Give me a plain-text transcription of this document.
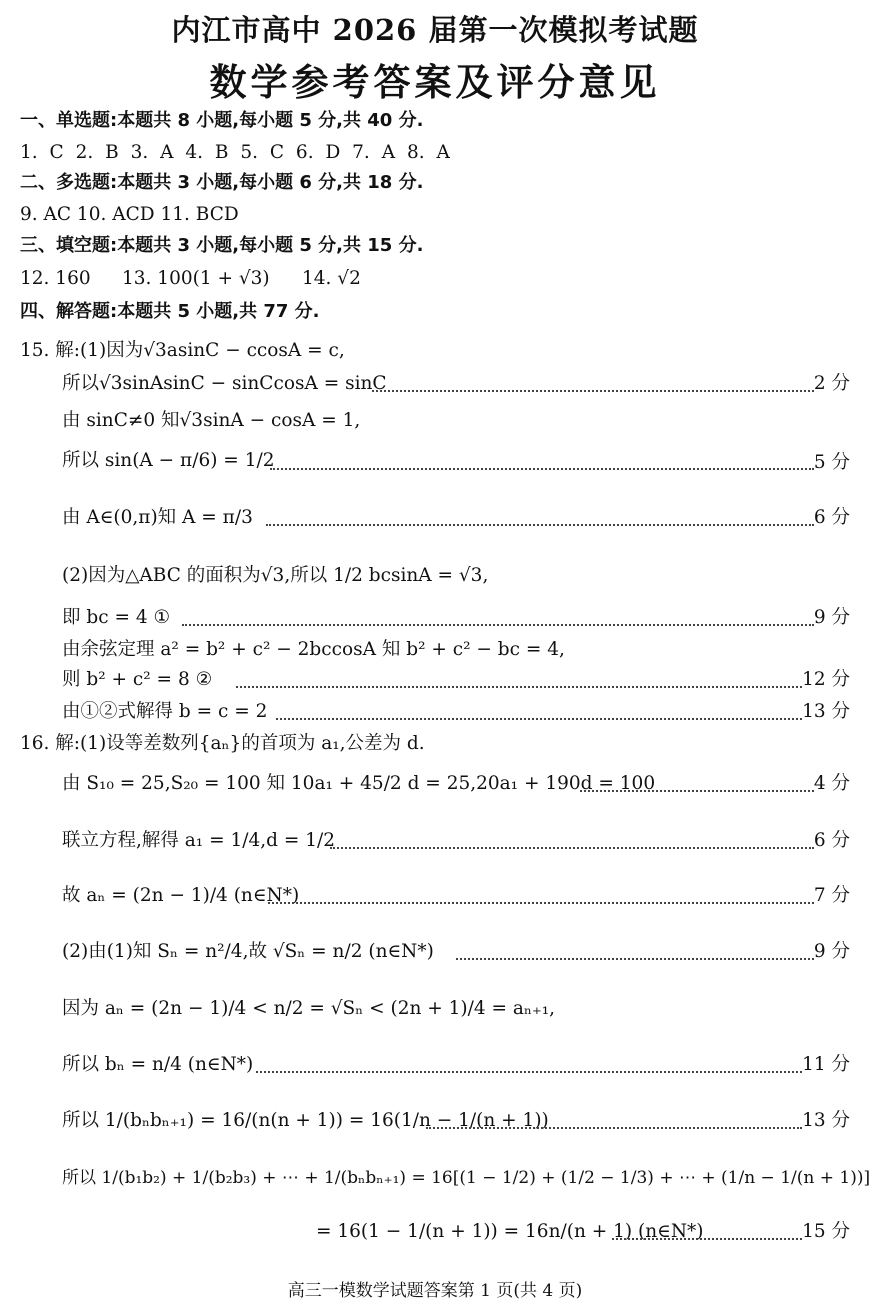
内江市高中 2026 届第一次模拟考试题
数学参考答案及评分意见
一、单选题:本题共 8 小题,每小题 5 分,共 40 分.
1. C 2. B 3. A 4. B 5. C 6. D 7. A 8. A
二、多选题:本题共 3 小题,每小题 6 分,共 18 分.
9. AC 10. ACD 11. BCD
三、填空题:本题共 3 小题,每小题 5 分,共 15 分.
12. 160 13. 100(1 + √3) 14. √2
四、解答题:本题共 5 小题,共 77 分.
15. 解:(1)因为√3asinC − ccosA = c,
所以√3sinAsinC − sinCcosA = sinC	2 分
由 sinC≠0 知√3sinA − cosA = 1,
所以 sin(A − π/6) = 1/2	5 分
由 A∈(0,π)知 A = π/3	6 分
(2)因为△ABC 的面积为√3,所以 1/2 bcsinA = √3,
即 bc = 4 ①	9 分
由余弦定理 a² = b² + c² − 2bccosA 知 b² + c² − bc = 4,
则 b² + c² = 8 ②	12 分
由①②式解得 b = c = 2	13 分
16. 解:(1)设等差数列{aₙ}的首项为 a₁,公差为 d.
由 S₁₀ = 25,S₂₀ = 100 知 10a₁ + 45/2 d = 25,20a₁ + 190d = 100	4 分
联立方程,解得 a₁ = 1/4,d = 1/2	6 分
故 aₙ = (2n − 1)/4 (n∈N*)	7 分
(2)由(1)知 Sₙ = n²/4,故 √Sₙ = n/2 (n∈N*)	9 分
因为 aₙ = (2n − 1)/4 < n/2 = √Sₙ < (2n + 1)/4 = aₙ₊₁,
所以 bₙ = n/4 (n∈N*)	11 分
所以 1/(bₙbₙ₊₁) = 16/(n(n + 1)) = 16(1/n − 1/(n + 1))	13 分
所以 1/(b₁b₂) + 1/(b₂b₃) + ⋯ + 1/(bₙbₙ₊₁) = 16[(1 − 1/2) + (1/2 − 1/3) + ⋯ + (1/n − 1/(n + 1))]
= 16(1 − 1/(n + 1)) = 16n/(n + 1) (n∈N*)	15 分
高三一模数学试题答案第 1 页(共 4 页)
